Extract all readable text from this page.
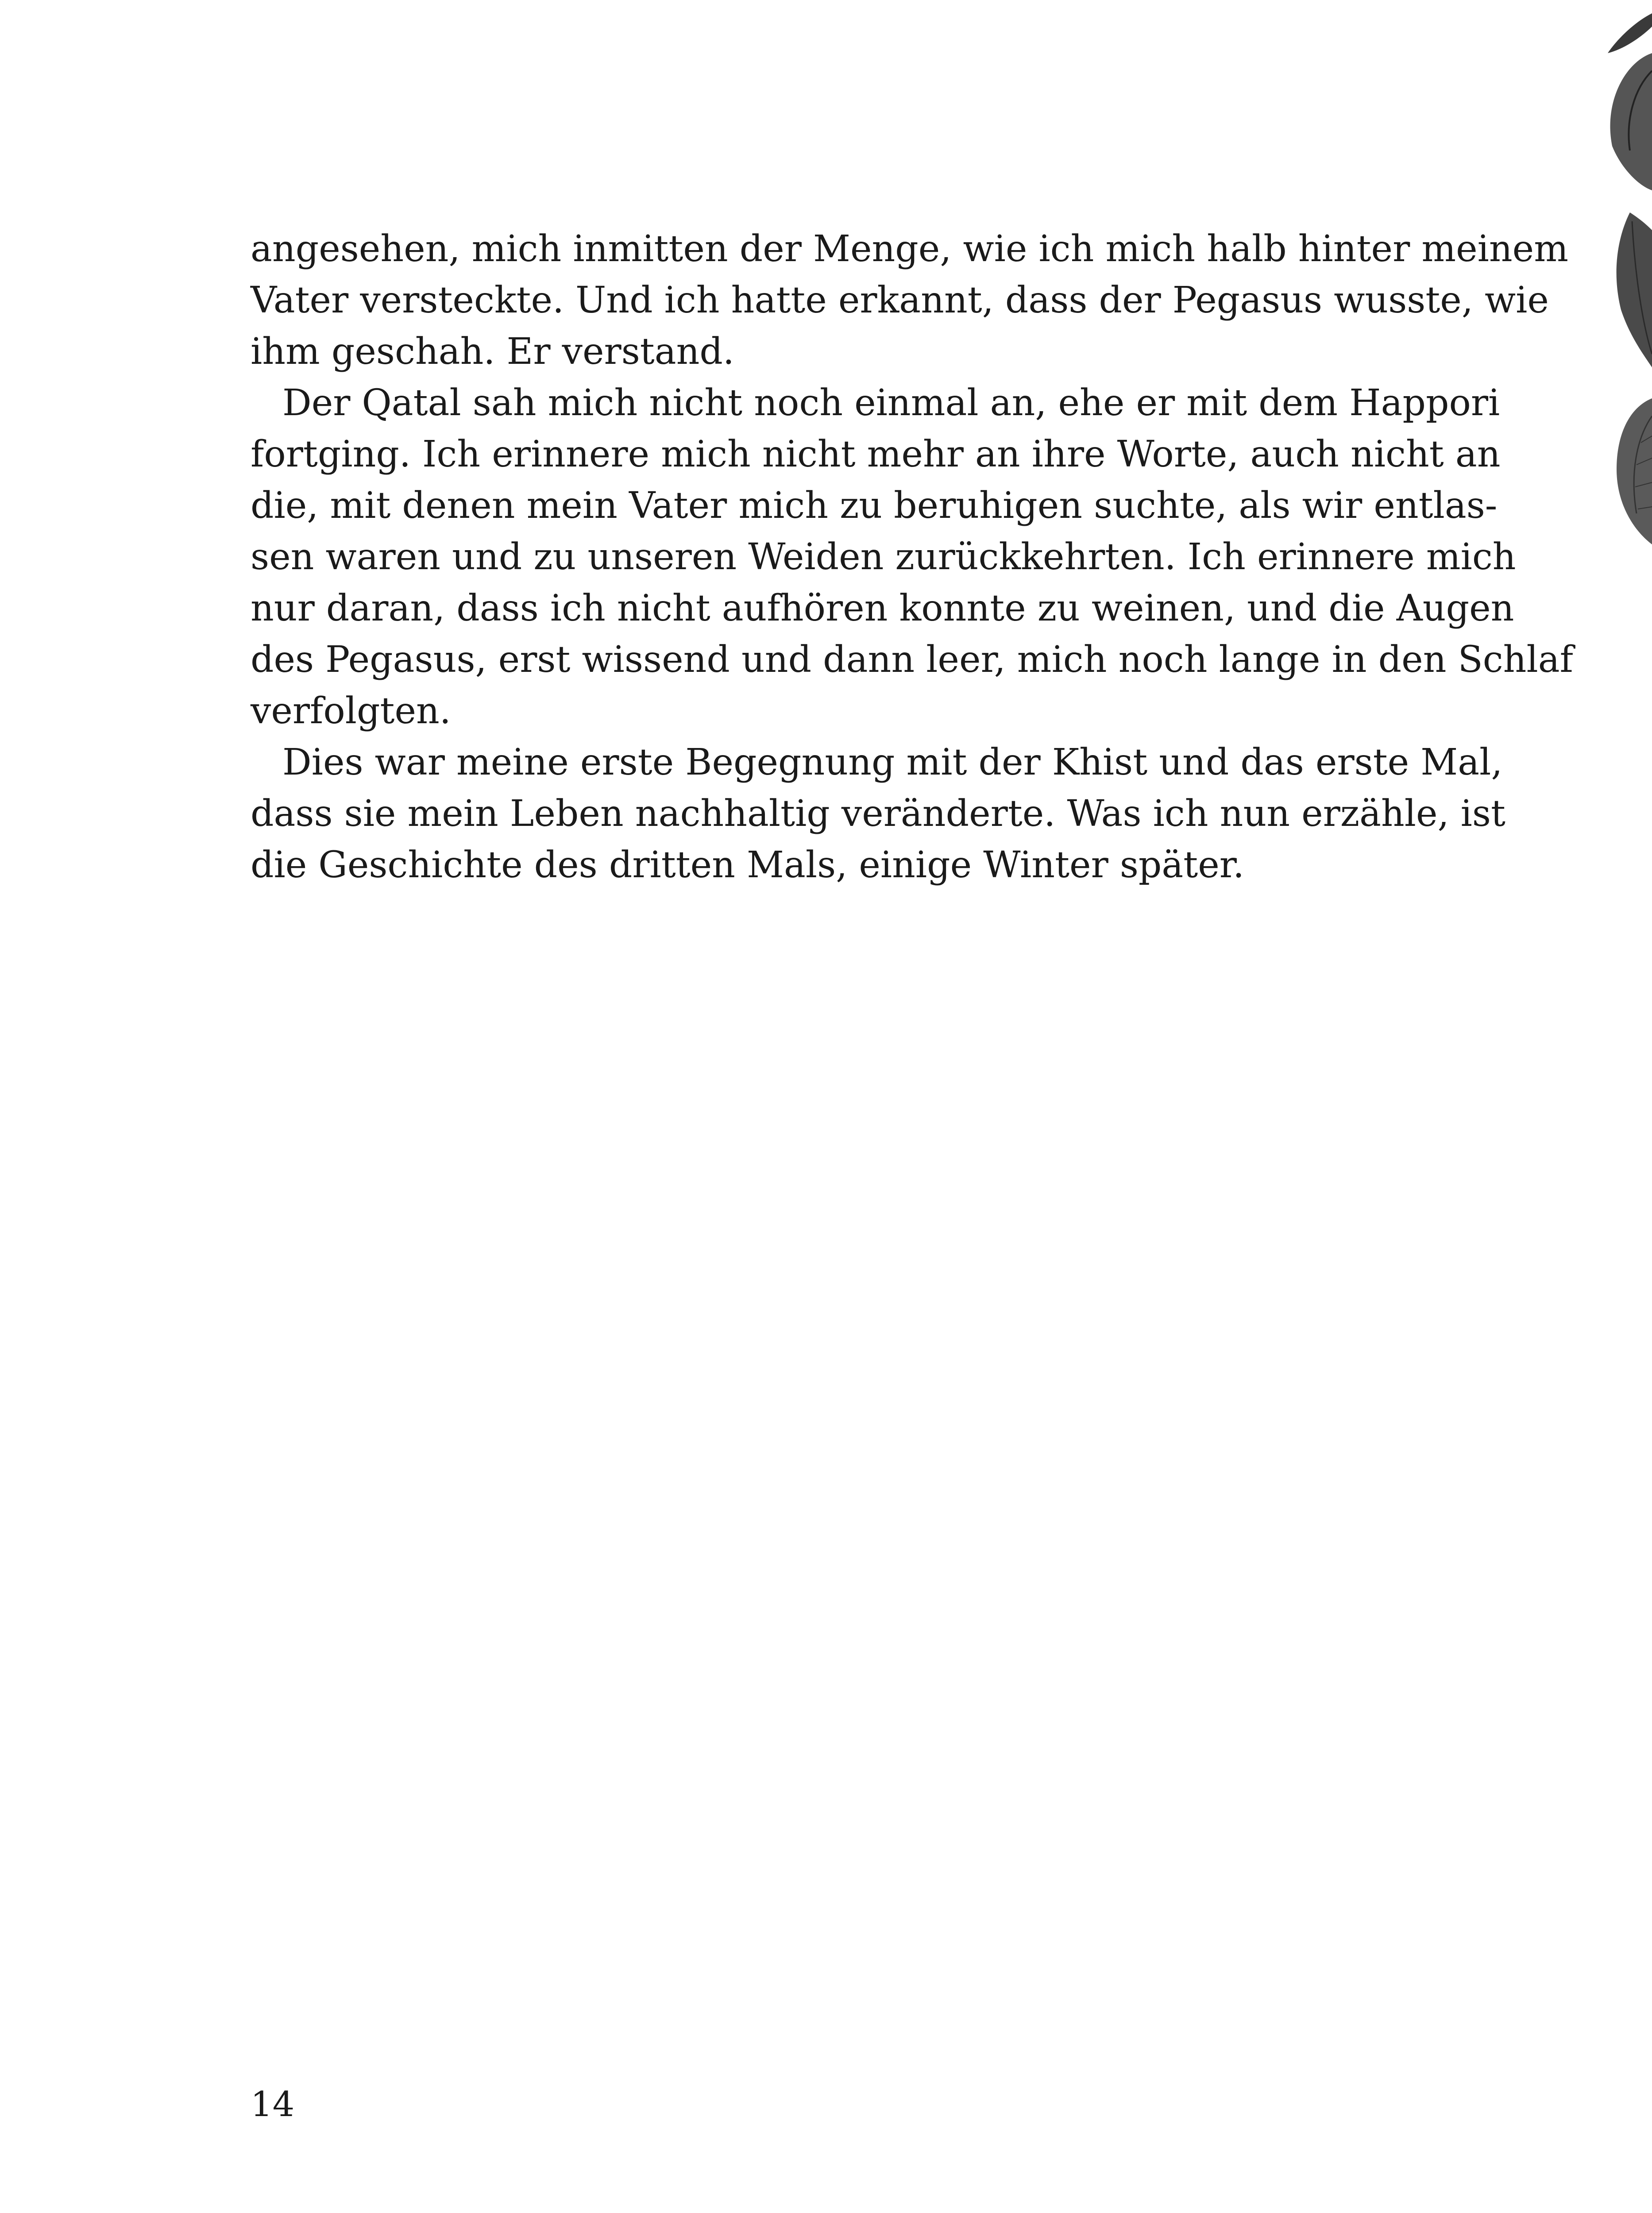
angesehen, mich inmitten der Menge, wie ich mich halb hinter meinem
Vater versteckte. Und ich hatte erkannt, dass der Pegasus wusste, wie
ihm geschah. Er verstand.
Der Qatal sah mich nicht noch einmal an, ehe er mit dem Happori
fortging. Ich erinnere mich nicht mehr an ihre Worte, auch nicht an
die, mit denen mein Vater mich zu beruhigen suchte, als wir entlas-
sen waren und zu unseren Weiden zurückkehrten. Ich erinnere mich
nur daran, dass ich nicht aufhören konnte zu weinen, und die Augen
des Pegasus, erst wissend und dann leer, mich noch lange in den Schlaf
verfolgten.
Dies war meine erste Begegnung mit der Khist und das erste Mal,
dass sie mein Leben nachhaltig veränderte. Was ich nun erzähle, ist
die Geschichte des dritten Mals, einige Winter später.
14
